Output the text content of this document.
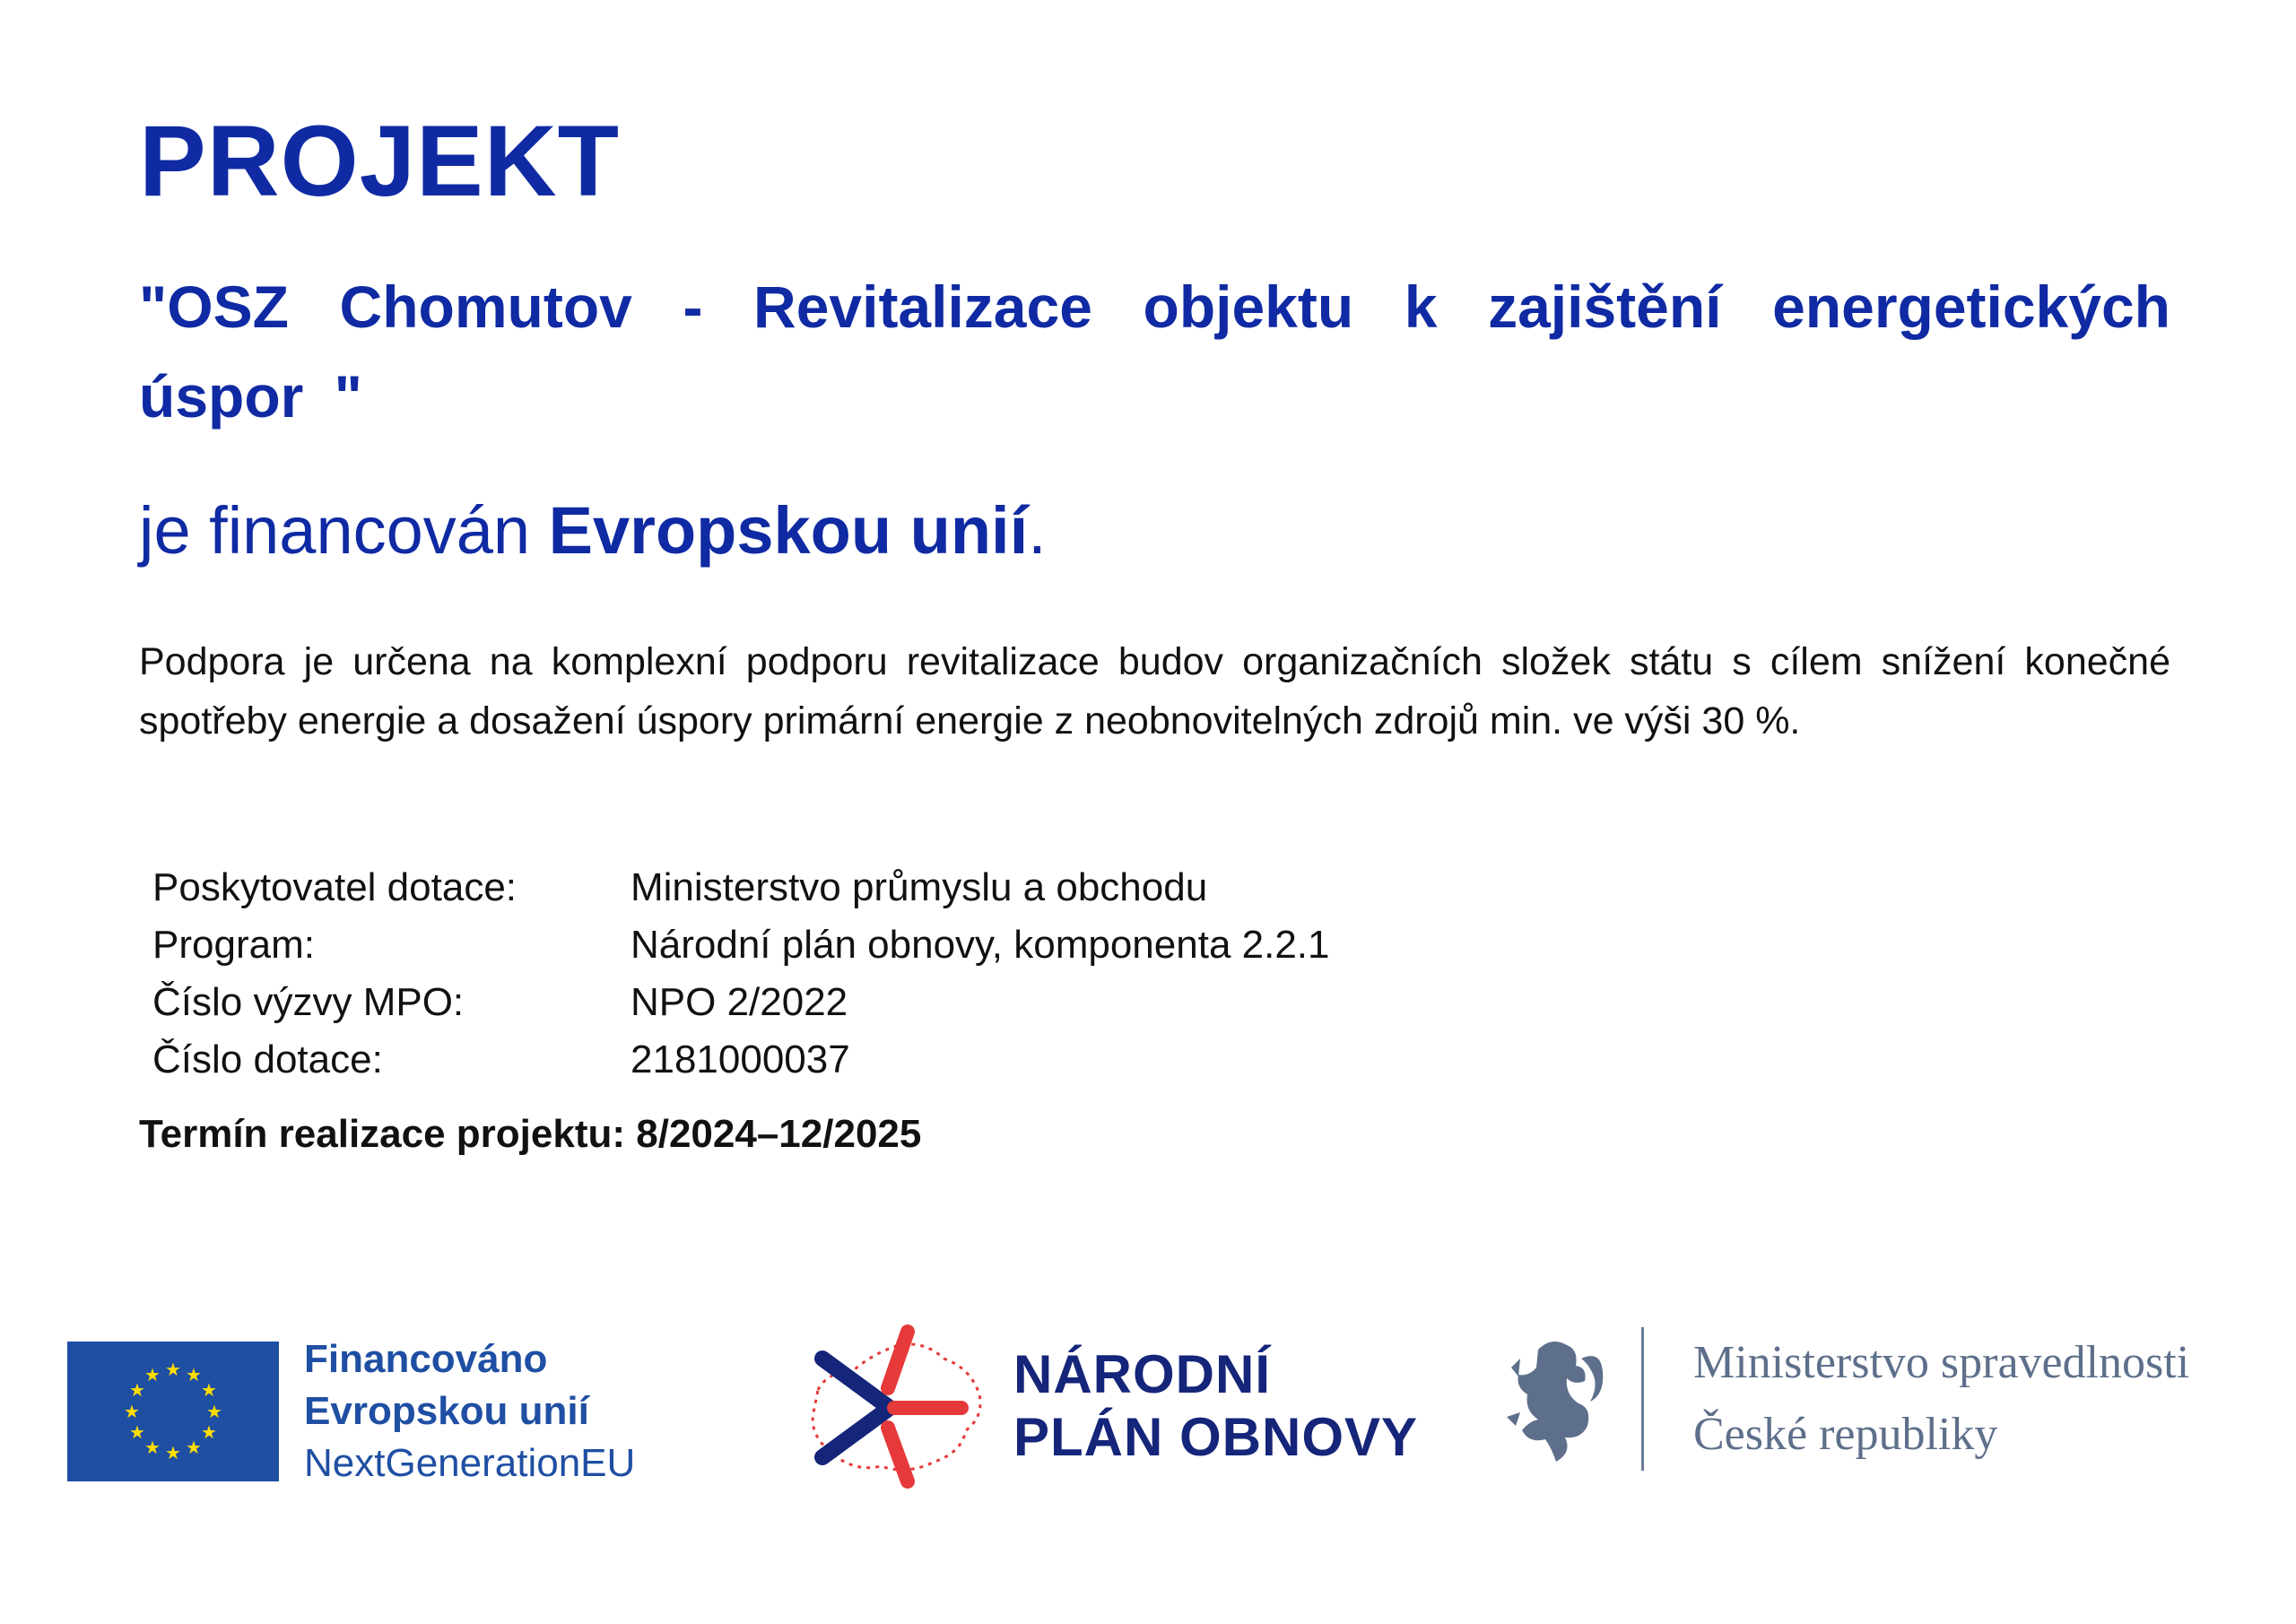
PROJEKT

"OSZ Chomutov - Revitalizace objektu k zajištění energetických úspor "

je financován Evropskou unií.

Podpora je určena na komplexní podporu revitalizace budov organizačních složek státu s cílem snížení konečné spotřeby energie a dosažení úspory primární energie z neobnovitelných zdrojů min. ve výši 30 %.

Poskytovatel dotace:	Ministerstvo průmyslu a obchodu
Program:	Národní plán obnovy, komponenta 2.2.1
Číslo výzvy MPO:	NPO 2/2022
Číslo dotace:	2181000037

Termín realizace projektu: 8/2024–12/2025

★ ★
★
★
★
★
★
★
★
★
★
★	Financováno
Evropskou unií
NextGenerationEU
NÁRODNÍ
PLÁN OBNOVY
Ministerstvo spravedlnosti
České republiky
